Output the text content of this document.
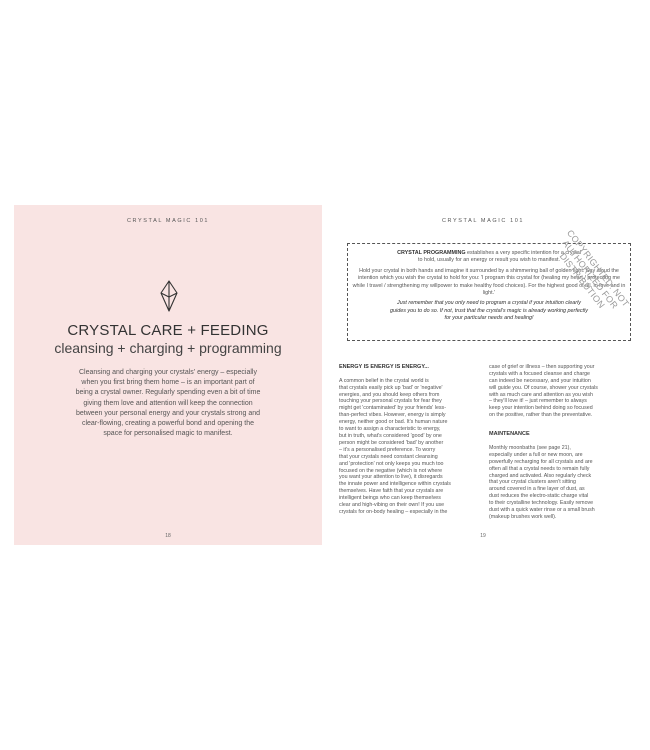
CRYSTAL MAGIC 101
CRYSTAL CARE + FEEDING
cleansing + charging + programming
Cleansing and charging your crystals' energy – especially
when you first bring them home – is an important part of
being a crystal owner. Regularly spending even a bit of time
giving them love and attention will keep the connection
between your personal energy and your crystals strong and
clear-flowing, creating a powerful bond and opening the
space for personalised magic to manifest.
18
CRYSTAL MAGIC 101

CRYSTAL PROGRAMMING establishes a very specific intention for a crystal
to hold, usually for an energy or result you wish to manifest.

Hold your crystal in both hands and imagine it surrounded by a shimmering ball of golden light. Say aloud the intention which you wish the crystal to hold for you: 'I program this crystal for (healing my heart / protecting me while I travel / strengthening my willpower to make healthy food choices). For the highest good of all, in love and in light.'

Just remember that you only need to program a crystal if your intuition clearly
guides you to do so. If not, trust that the crystal's magic is already working perfectly
for your particular needs and healing!

ENERGY IS ENERGY IS ENERGY...

A common belief in the crystal world is
that crystals easily pick up 'bad' or 'negative'
energies, and you should keep others from
touching your personal crystals for fear they
might get 'contaminated' by your friends' less-
than-perfect vibes. However, energy is simply
energy, neither good or bad. It's human nature
to want to assign a characteristic to energy,
but in truth, what's considered 'good' by one
person might be considered 'bad' by another
– it's a personalised preference. To worry
that your crystals need constant cleansing
and 'protection' not only keeps you much too
focused on the negative (which is not where
you want your attention to live), it disregards
the innate power and intelligence within crystals
themselves. Have faith that your crystals are
intelligent beings who can keep themselves
clear and high-vibing on their own! If you use
crystals for on-body healing – especially in the

case of grief or illness – then supporting your
crystals with a focused cleanse and charge
can indeed be necessary, and your intuition
will guide you. Of course, shower your crystals
with as much care and attention as you wish
– they'll love it! – just remember to always
keep your intention behind doing so focused
on the positive, rather than the preventative.

MAINTENANCE

Monthly moonbaths (see page 21),
especially under a full or new moon, are
powerfully recharging for all crystals and are
often all that a crystal needs to remain fully
charged and activated. Also regularly check
that your crystal clusters aren't sitting
around covered in a fine layer of dust, as
dust reduces the electro-static charge vital
to their crystalline technology. Easily remove
dust with a quick water rinse or a small brush
(makeup brushes work well).

19
COPYRIGHTED: NOT AUTHORIZED FOR DISTRIBUTION
